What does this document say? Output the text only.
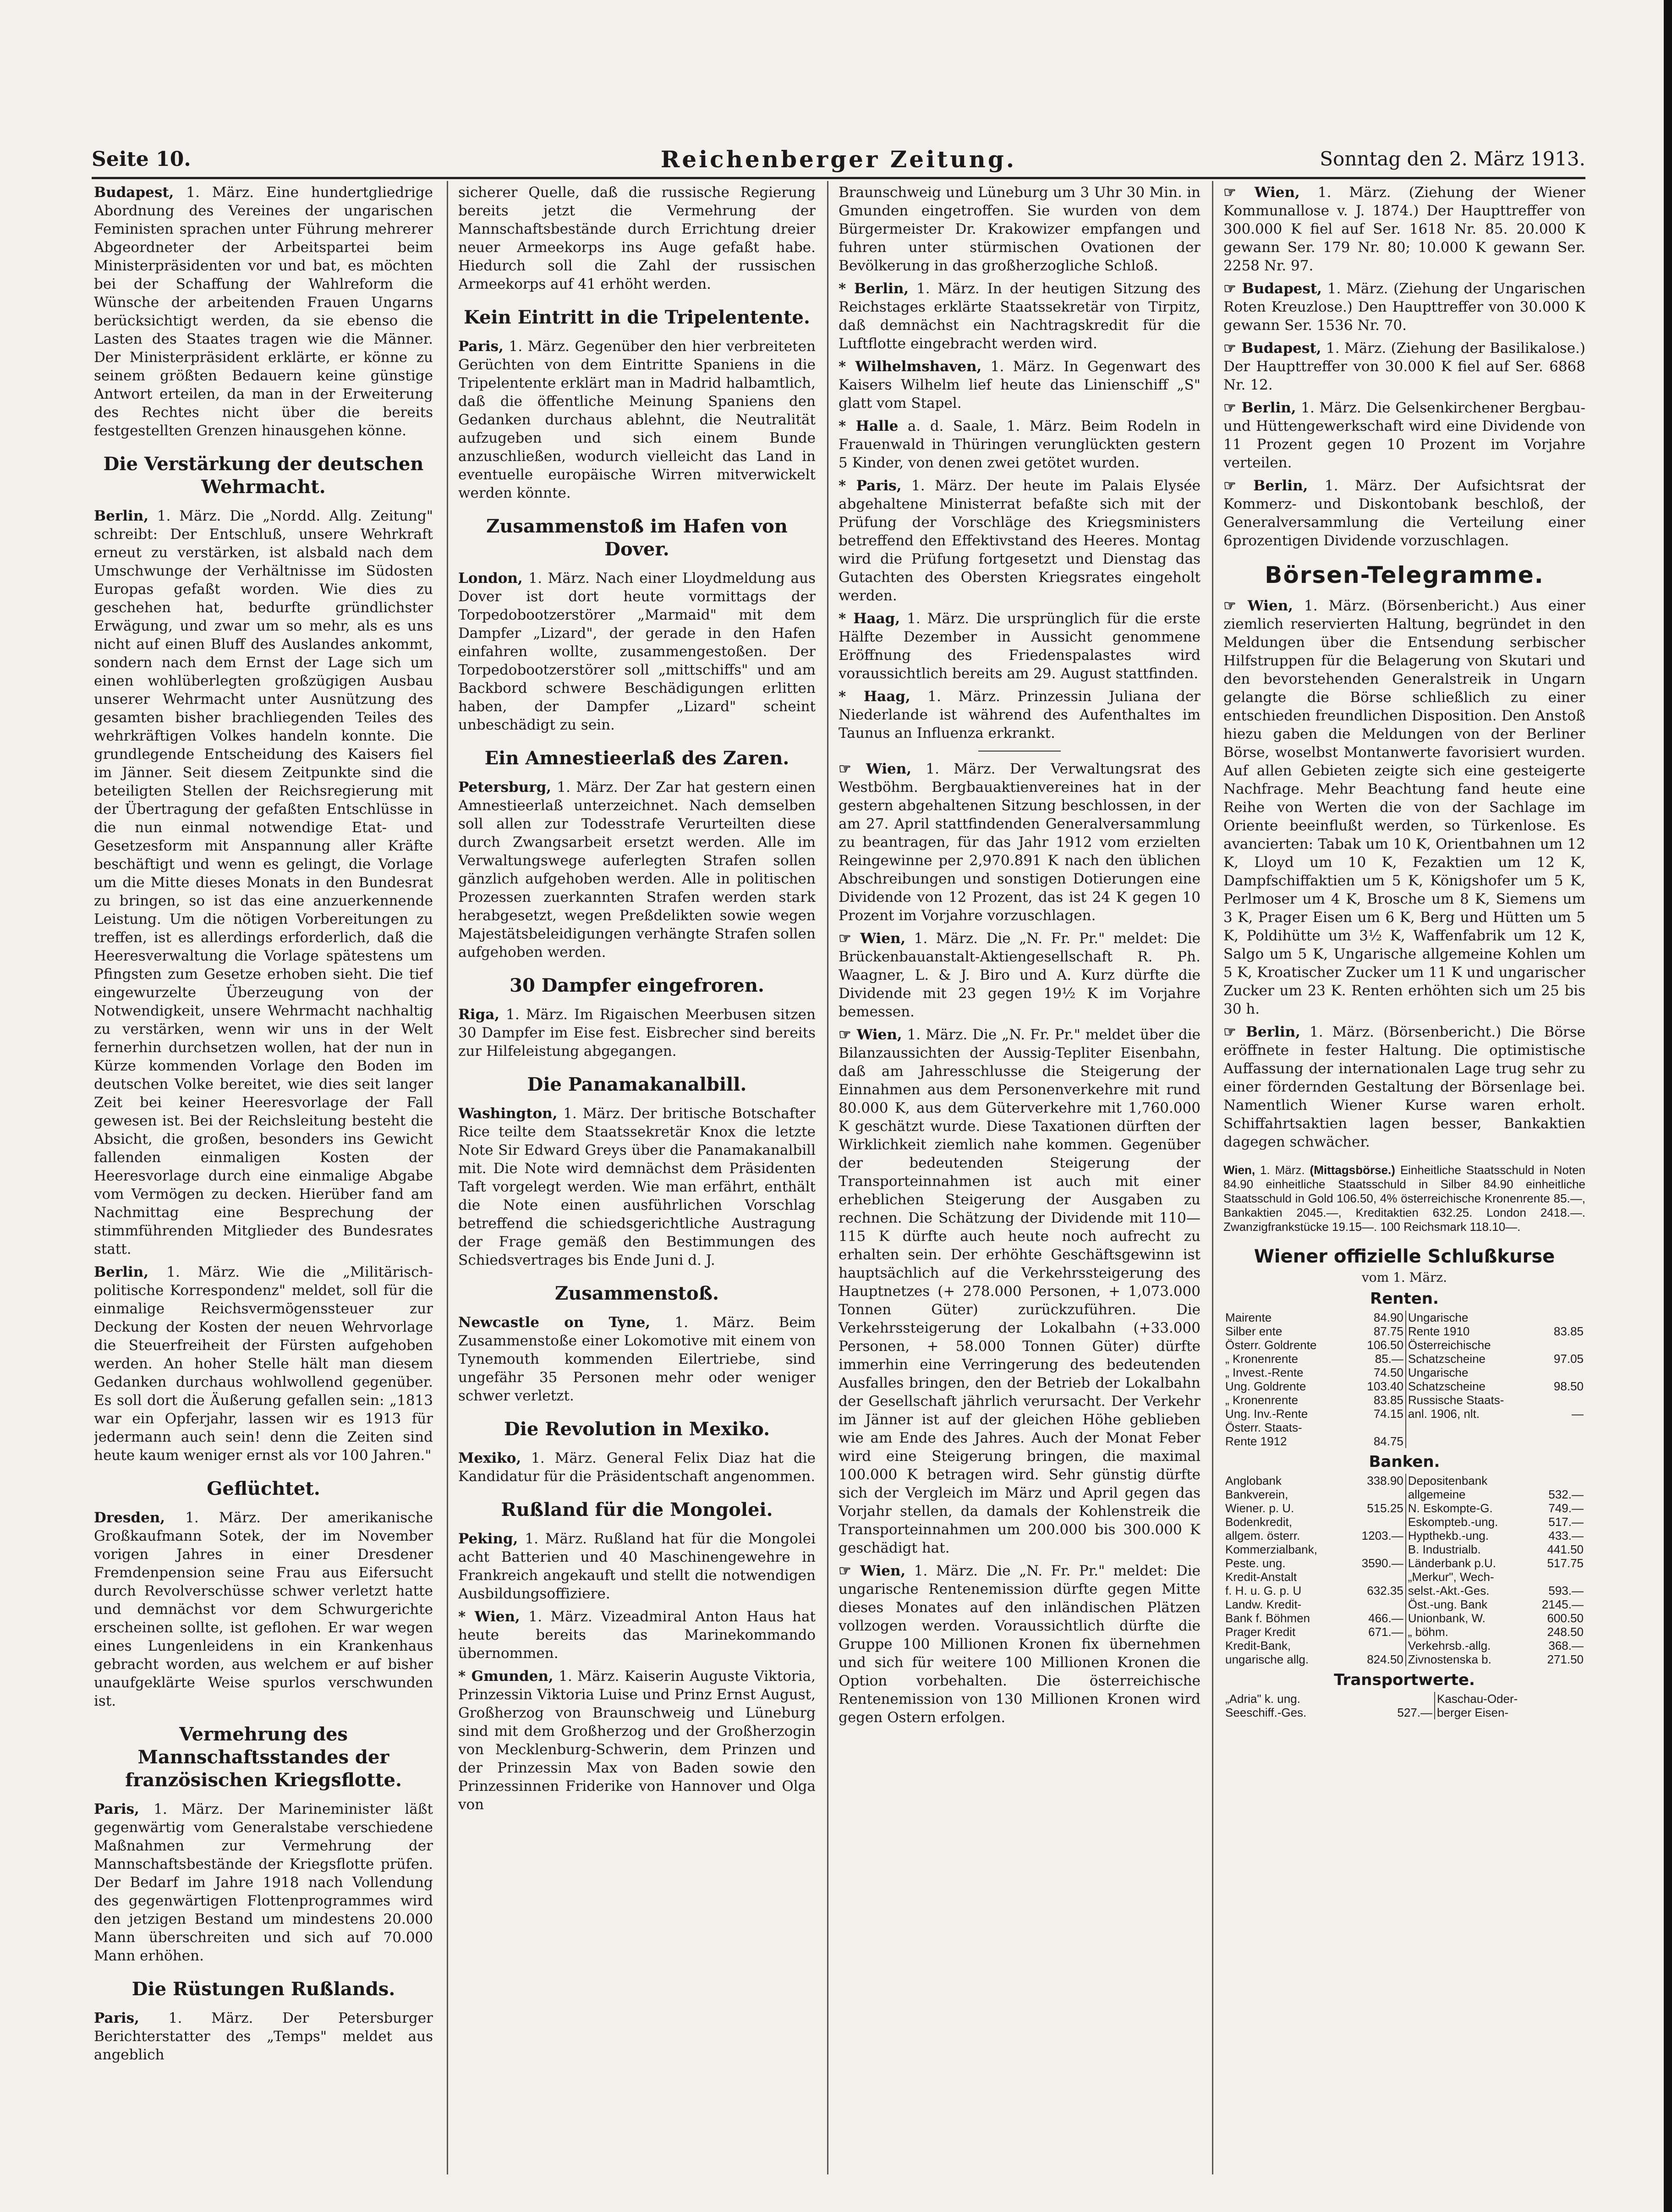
Seite 10.	Reichenberger Zeitung.	Sonntag den 2. März 1913.

Budapest, 1. März. Eine hundertgliedrige Abordnung des Vereines der ungarischen Feministen sprachen unter Führung mehrerer Abgeordneter der Arbeitspartei beim Ministerpräsidenten vor und bat, es möchten bei der Schaffung der Wahlreform die Wünsche der arbeitenden Frauen Ungarns berücksichtigt werden, da sie ebenso die Lasten des Staates tragen wie die Männer. Der Ministerpräsident erklärte, er könne zu seinem größten Bedauern keine günstige Antwort erteilen, da man in der Erweiterung des Rechtes nicht über die bereits festgestellten Grenzen hinausgehen könne.

Die Verstärkung der deutschen Wehrmacht.

Berlin, 1. März. Die „Nordd. Allg. Zeitung" schreibt: Der Entschluß, unsere Wehrkraft erneut zu verstärken, ist alsbald nach dem Umschwunge der Verhältnisse im Südosten Europas gefaßt worden. Wie dies zu geschehen hat, bedurfte gründlichster Erwägung, und zwar um so mehr, als es uns nicht auf einen Bluff des Auslandes ankommt, sondern nach dem Ernst der Lage sich um einen wohlüberlegten großzügigen Ausbau unserer Wehrmacht unter Ausnützung des gesamten bisher brachliegenden Teiles des wehrkräftigen Volkes handeln konnte. Die grundlegende Entscheidung des Kaisers fiel im Jänner. Seit diesem Zeitpunkte sind die beteiligten Stellen der Reichsregierung mit der Übertragung der gefaßten Entschlüsse in die nun einmal notwendige Etat- und Gesetzesform mit Anspannung aller Kräfte beschäftigt und wenn es gelingt, die Vorlage um die Mitte dieses Monats in den Bundesrat zu bringen, so ist das eine anzuerkennende Leistung. Um die nötigen Vorbereitungen zu treffen, ist es allerdings erforderlich, daß die Heeresverwaltung die Vorlage spätestens um Pfingsten zum Gesetze erhoben sieht. Die tief eingewurzelte Überzeugung von der Notwendigkeit, unsere Wehrmacht nachhaltig zu verstärken, wenn wir uns in der Welt fernerhin durchsetzen wollen, hat der nun in Kürze kommenden Vorlage den Boden im deutschen Volke bereitet, wie dies seit langer Zeit bei keiner Heeresvorlage der Fall gewesen ist. Bei der Reichsleitung besteht die Absicht, die großen, besonders ins Gewicht fallenden einmaligen Kosten der Heeresvorlage durch eine einmalige Abgabe vom Vermögen zu decken. Hierüber fand am Nachmittag eine Besprechung der stimmführenden Mitglieder des Bundesrates statt.

Berlin, 1. März. Wie die „Militärisch-politische Korrespondenz" meldet, soll für die einmalige Reichsvermögenssteuer zur Deckung der Kosten der neuen Wehrvorlage die Steuerfreiheit der Fürsten aufgehoben werden. An hoher Stelle hält man diesem Gedanken durchaus wohlwollend gegenüber. Es soll dort die Äußerung gefallen sein: „1813 war ein Opferjahr, lassen wir es 1913 für jedermann auch sein! denn die Zeiten sind heute kaum weniger ernst als vor 100 Jahren."

Geflüchtet.

Dresden, 1. März. Der amerikanische Großkaufmann Sotek, der im November vorigen Jahres in einer Dresdener Fremdenpension seine Frau aus Eifersucht durch Revolverschüsse schwer verletzt hatte und demnächst vor dem Schwurgerichte erscheinen sollte, ist geflohen. Er war wegen eines Lungenleidens in ein Krankenhaus gebracht worden, aus welchem er auf bisher unaufgeklärte Weise spurlos verschwunden ist.

Vermehrung des Mannschaftsstandes der französischen Kriegsflotte.

Paris, 1. März. Der Marineminister läßt gegenwärtig vom Generalstabe verschiedene Maßnahmen zur Vermehrung der Mannschaftsbestände der Kriegsflotte prüfen. Der Bedarf im Jahre 1918 nach Vollendung des gegenwärtigen Flottenprogrammes wird den jetzigen Bestand um mindestens 20.000 Mann überschreiten und sich auf 70.000 Mann erhöhen.

Die Rüstungen Rußlands.

Paris, 1. März. Der Petersburger Berichterstatter des „Temps" meldet aus angeblich

sicherer Quelle, daß die russische Regierung bereits jetzt die Vermehrung der Mannschaftsbestände durch Errichtung dreier neuer Armeekorps ins Auge gefaßt habe. Hiedurch soll die Zahl der russischen Armeekorps auf 41 erhöht werden.

Kein Eintritt in die Tripelentente.

Paris, 1. März. Gegenüber den hier verbreiteten Gerüchten von dem Eintritte Spaniens in die Tripelentente erklärt man in Madrid halbamtlich, daß die öffentliche Meinung Spaniens den Gedanken durchaus ablehnt, die Neutralität aufzugeben und sich einem Bunde anzuschließen, wodurch vielleicht das Land in eventuelle europäische Wirren mitverwickelt werden könnte.

Zusammenstoß im Hafen von Dover.

London, 1. März. Nach einer Lloydmeldung aus Dover ist dort heute vormittags der Torpedobootzerstörer „Marmaid" mit dem Dampfer „Lizard", der gerade in den Hafen einfahren wollte, zusammengestoßen. Der Torpedobootzerstörer soll „mittschiffs" und am Backbord schwere Beschädigungen erlitten haben, der Dampfer „Lizard" scheint unbeschädigt zu sein.

Ein Amnestieerlaß des Zaren.

Petersburg, 1. März. Der Zar hat gestern einen Amnestieerlaß unterzeichnet. Nach demselben soll allen zur Todesstrafe Verurteilten diese durch Zwangsarbeit ersetzt werden. Alle im Verwaltungswege auferlegten Strafen sollen gänzlich aufgehoben werden. Alle in politischen Prozessen zuerkannten Strafen werden stark herabgesetzt, wegen Preßdelikten sowie wegen Majestätsbeleidigungen verhängte Strafen sollen aufgehoben werden.

30 Dampfer eingefroren.

Riga, 1. März. Im Rigaischen Meerbusen sitzen 30 Dampfer im Eise fest. Eisbrecher sind bereits zur Hilfeleistung abgegangen.

Die Panamakanalbill.

Washington, 1. März. Der britische Botschafter Rice teilte dem Staatssekretär Knox die letzte Note Sir Edward Greys über die Panamakanalbill mit. Die Note wird demnächst dem Präsidenten Taft vorgelegt werden. Wie man erfährt, enthält die Note einen ausführlichen Vorschlag betreffend die schiedsgerichtliche Austragung der Frage gemäß den Bestimmungen des Schiedsvertrages bis Ende Juni d. J.

Zusammenstoß.

Newcastle on Tyne, 1. März. Beim Zusammenstoße einer Lokomotive mit einem von Tynemouth kommenden Eilertriebe, sind ungefähr 35 Personen mehr oder weniger schwer verletzt.

Die Revolution in Mexiko.

Mexiko, 1. März. General Felix Diaz hat die Kandidatur für die Präsidentschaft angenommen.

Rußland für die Mongolei.

Peking, 1. März. Rußland hat für die Mongolei acht Batterien und 40 Maschinengewehre in Frankreich angekauft und stellt die notwendigen Ausbildungsoffiziere.

* Wien, 1. März. Vizeadmiral Anton Haus hat heute bereits das Marinekommando übernommen.

* Gmunden, 1. März. Kaiserin Auguste Viktoria, Prinzessin Viktoria Luise und Prinz Ernst August, Großherzog von Braunschweig und Lüneburg sind mit dem Großherzog und der Großherzogin von Mecklenburg-Schwerin, dem Prinzen und der Prinzessin Max von Baden sowie den Prinzessinnen Friderike von Hannover und Olga von

Braunschweig und Lüneburg um 3 Uhr 30 Min. in Gmunden eingetroffen. Sie wurden von dem Bürgermeister Dr. Krakowizer empfangen und fuhren unter stürmischen Ovationen der Bevölkerung in das großherzogliche Schloß.

* Berlin, 1. März. In der heutigen Sitzung des Reichstages erklärte Staatssekretär von Tirpitz, daß demnächst ein Nachtragskredit für die Luftflotte eingebracht werden wird.

* Wilhelmshaven, 1. März. In Gegenwart des Kaisers Wilhelm lief heute das Linienschiff „S" glatt vom Stapel.

* Halle a. d. Saale, 1. März. Beim Rodeln in Frauenwald in Thüringen verunglückten gestern 5 Kinder, von denen zwei getötet wurden.

* Paris, 1. März. Der heute im Palais Elysée abgehaltene Ministerrat befaßte sich mit der Prüfung der Vorschläge des Kriegsministers betreffend den Effektivstand des Heeres. Montag wird die Prüfung fortgesetzt und Dienstag das Gutachten des Obersten Kriegsrates eingeholt werden.

* Haag, 1. März. Die ursprünglich für die erste Hälfte Dezember in Aussicht genommene Eröffnung des Friedenspalastes wird voraussichtlich bereits am 29. August stattfinden.

* Haag, 1. März. Prinzessin Juliana der Niederlande ist während des Aufenthaltes im Taunus an Influenza erkrankt.

☞ Wien, 1. März. Der Verwaltungsrat des Westböhm. Bergbauaktienvereines hat in der gestern abgehaltenen Sitzung beschlossen, in der am 27. April stattfindenden Generalversammlung zu beantragen, für das Jahr 1912 vom erzielten Reingewinne per 2,970.891 K nach den üblichen Abschreibungen und sonstigen Dotierungen eine Dividende von 12 Prozent, das ist 24 K gegen 10 Prozent im Vorjahre vorzuschlagen.

☞ Wien, 1. März. Die „N. Fr. Pr." meldet: Die Brückenbauanstalt-Aktiengesellschaft R. Ph. Waagner, L. & J. Biro und A. Kurz dürfte die Dividende mit 23 gegen 19½ K im Vorjahre bemessen.

☞ Wien, 1. März. Die „N. Fr. Pr." meldet über die Bilanzaussichten der Aussig-Tepliter Eisenbahn, daß am Jahresschlusse die Steigerung der Einnahmen aus dem Personenverkehre mit rund 80.000 K, aus dem Güterverkehre mit 1,760.000 K geschätzt wurde. Diese Taxationen dürften der Wirklichkeit ziemlich nahe kommen. Gegenüber der bedeutenden Steigerung der Transporteinnahmen ist auch mit einer erheblichen Steigerung der Ausgaben zu rechnen. Die Schätzung der Dividende mit 110—115 K dürfte auch heute noch aufrecht zu erhalten sein. Der erhöhte Geschäftsgewinn ist hauptsächlich auf die Verkehrssteigerung des Hauptnetzes (+ 278.000 Personen, + 1,073.000 Tonnen Güter) zurückzuführen. Die Verkehrssteigerung der Lokalbahn (+33.000 Personen, + 58.000 Tonnen Güter) dürfte immerhin eine Verringerung des bedeutenden Ausfalles bringen, den der Betrieb der Lokalbahn der Gesellschaft jährlich verursacht. Der Verkehr im Jänner ist auf der gleichen Höhe geblieben wie am Ende des Jahres. Auch der Monat Feber wird eine Steigerung bringen, die maximal 100.000 K betragen wird. Sehr günstig dürfte sich der Vergleich im März und April gegen das Vorjahr stellen, da damals der Kohlenstreik die Transporteinnahmen um 200.000 bis 300.000 K geschädigt hat.

☞ Wien, 1. März. Die „N. Fr. Pr." meldet: Die ungarische Rentenemission dürfte gegen Mitte dieses Monates auf den inländischen Plätzen vollzogen werden. Voraussichtlich dürfte die Gruppe 100 Millionen Kronen fix übernehmen und sich für weitere 100 Millionen Kronen die Option vorbehalten. Die österreichische Rentenemission von 130 Millionen Kronen wird gegen Ostern erfolgen.

☞ Wien, 1. März. (Ziehung der Wiener Kommunallose v. J. 1874.) Der Haupttreffer von 300.000 K fiel auf Ser. 1618 Nr. 85. 20.000 K gewann Ser. 179 Nr. 80; 10.000 K gewann Ser. 2258 Nr. 97.

☞ Budapest, 1. März. (Ziehung der Ungarischen Roten Kreuzlose.) Den Haupttreffer von 30.000 K gewann Ser. 1536 Nr. 70.

☞ Budapest, 1. März. (Ziehung der Basilikalose.) Der Haupttreffer von 30.000 K fiel auf Ser. 6868 Nr. 12.

☞ Berlin, 1. März. Die Gelsenkirchener Bergbau- und Hüttengewerkschaft wird eine Dividende von 11 Prozent gegen 10 Prozent im Vorjahre verteilen.

☞ Berlin, 1. März. Der Aufsichtsrat der Kommerz- und Diskontobank beschloß, der Generalversammlung die Verteilung einer 6prozentigen Dividende vorzuschlagen.

Börsen-Telegramme.

☞ Wien, 1. März. (Börsenbericht.) Aus einer ziemlich reservierten Haltung, begründet in den Meldungen über die Entsendung serbischer Hilfstruppen für die Belagerung von Skutari und den bevorstehenden Generalstreik in Ungarn gelangte die Börse schließlich zu einer entschieden freundlichen Disposition. Den Anstoß hiezu gaben die Meldungen von der Berliner Börse, woselbst Montanwerte favorisiert wurden. Auf allen Gebieten zeigte sich eine gesteigerte Nachfrage. Mehr Beachtung fand heute eine Reihe von Werten die von der Sachlage im Oriente beeinflußt werden, so Türkenlose. Es avancierten: Tabak um 10 K, Orientbahnen um 12 K, Lloyd um 10 K, Fezaktien um 12 K, Dampfschiffaktien um 5 K, Königshofer um 5 K, Perlmoser um 4 K, Brosche um 8 K, Siemens um 3 K, Prager Eisen um 6 K, Berg und Hütten um 5 K, Poldihütte um 3½ K, Waffenfabrik um 12 K, Salgo um 5 K, Ungarische allgemeine Kohlen um 5 K, Kroatischer Zucker um 11 K und ungarischer Zucker um 23 K. Renten erhöhten sich um 25 bis 30 h.

☞ Berlin, 1. März. (Börsenbericht.) Die Börse eröffnete in fester Haltung. Die optimistische Auffassung der internationalen Lage trug sehr zu einer fördernden Gestaltung der Börsenlage bei. Namentlich Wiener Kurse waren erholt. Schiffahrtsaktien lagen besser, Bankaktien dagegen schwächer.

Wien, 1. März. (Mittagsbörse.) Einheitliche Staatsschuld in Noten 84.90 einheitliche Staatsschuld in Silber 84.90 einheitliche Staatsschuld in Gold 106.50, 4% österreichische Kronenrente 85.—, Bankaktien 2045.—, Kreditaktien 632.25. London 2418.—. Zwanzigfrankstücke 19.15—. 100 Reichsmark 118.10—.

Wiener offizielle Schlußkurse
vom 1. März.
Renten.
Mairente	84.90	Ungarische	
Silber ente	87.75	Rente 1910	83.85
Österr. Goldrente	106.50	Österreichische	
„ Kronenrente	85.—	Schatzscheine	97.05
„ Invest.-Rente	74.50	Ungarische	
Ung. Goldrente	103.40	Schatzscheine	98.50
„ Kronenrente	83.85	Russische Staats-	
Ung. Inv.-Rente	74.15	anl. 1906, nlt.	—
Österr. Staats-			
Rente 1912	84.75		
Banken.
Anglobank	338.90	Depositenbank	
Bankverein,		allgemeine	532.—
Wiener. p. U.	515.25	N. Eskompte-G.	749.—
Bodenkredit,		Eskompteb.-ung.	517.—
allgem. österr.	1203.—	Hypthekb.-ung.	433.—
Kommerzialbank,		B. Industrialb.	441.50
Peste. ung.	3590.—	Länderbank p.U.	517.75
Kredit-Anstalt		„Merkur", Wech-	
f. H. u. G. p. U	632.35	selst.-Akt.-Ges.	593.—
Landw. Kredit-		Öst.-ung. Bank	2145.—
Bank f. Böhmen	466.—	Unionbank, W.	600.50
Prager Kredit	671.—	„ böhm.	248.50
Kredit-Bank,		Verkehrsb.-allg.	368.—
ungarische allg.	824.50	Zivnostenska b.	271.50
Transportwerte.
„Adria" k. ung.		Kaschau-Oder-	
Seeschiff.-Ges.	527.—	berger Eisen-	
